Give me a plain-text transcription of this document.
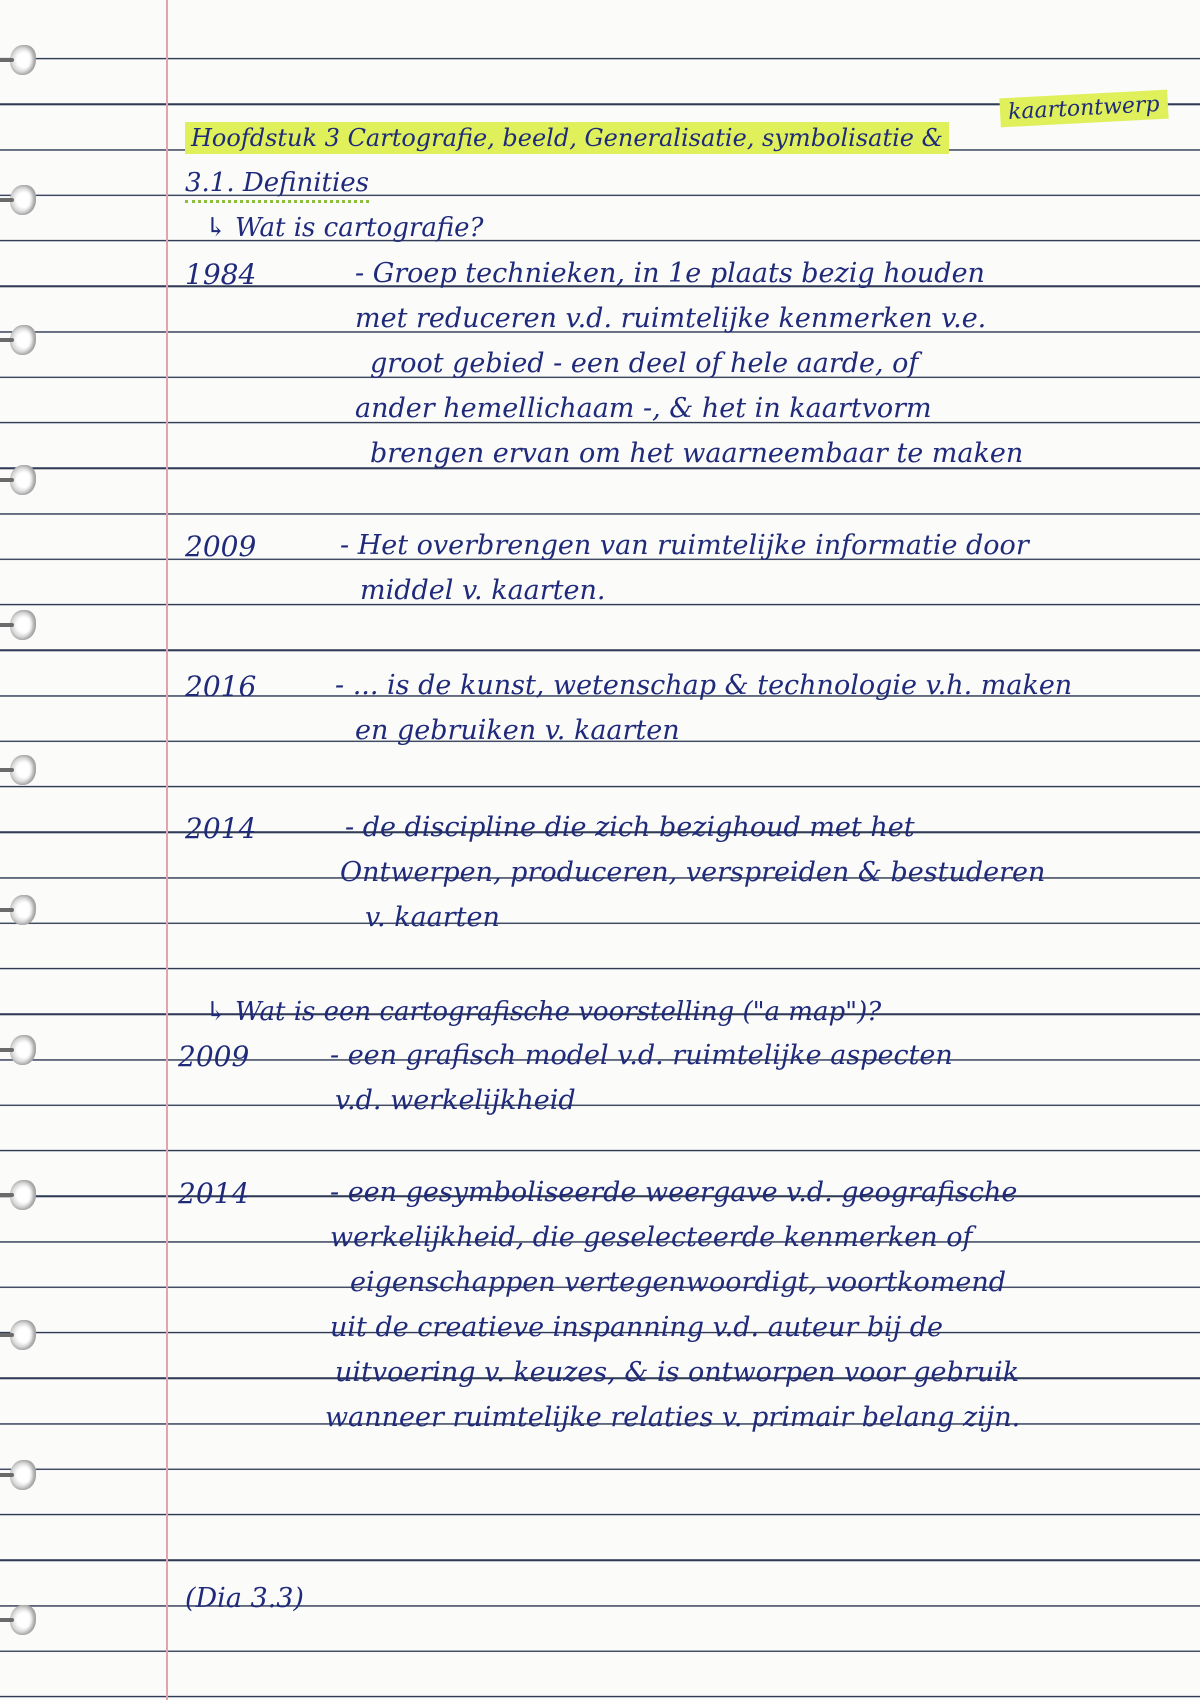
kaartontwerp
Hoofdstuk 3 Cartografie, beeld, Generalisatie, symbolisatie &
3.1. Definities
↳ Wat is cartografie?
1984	- Groep technieken, in 1e plaats bezig houden
met reduceren v.d. ruimtelijke kenmerken v.e.
groot gebied - een deel of hele aarde, of
ander hemellichaam -, & het in kaartvorm
brengen ervan om het waarneembaar te maken
2009	- Het overbrengen van ruimtelijke informatie door
middel v. kaarten.
2016	- ... is de kunst, wetenschap & technologie v.h. maken
en gebruiken v. kaarten
2014	- de discipline die zich bezighoud met het
Ontwerpen, produceren, verspreiden & bestuderen
v. kaarten
↳ Wat is een cartografische voorstelling ("a map")?
2009	- een grafisch model v.d. ruimtelijke aspecten
v.d. werkelijkheid
2014	- een gesymboliseerde weergave v.d. geografische
werkelijkheid, die geselecteerde kenmerken of
eigenschappen vertegenwoordigt, voortkomend
uit de creatieve inspanning v.d. auteur bij de
uitvoering v. keuzes, & is ontworpen voor gebruik
wanneer ruimtelijke relaties v. primair belang zijn.
(Dia 3.3)
